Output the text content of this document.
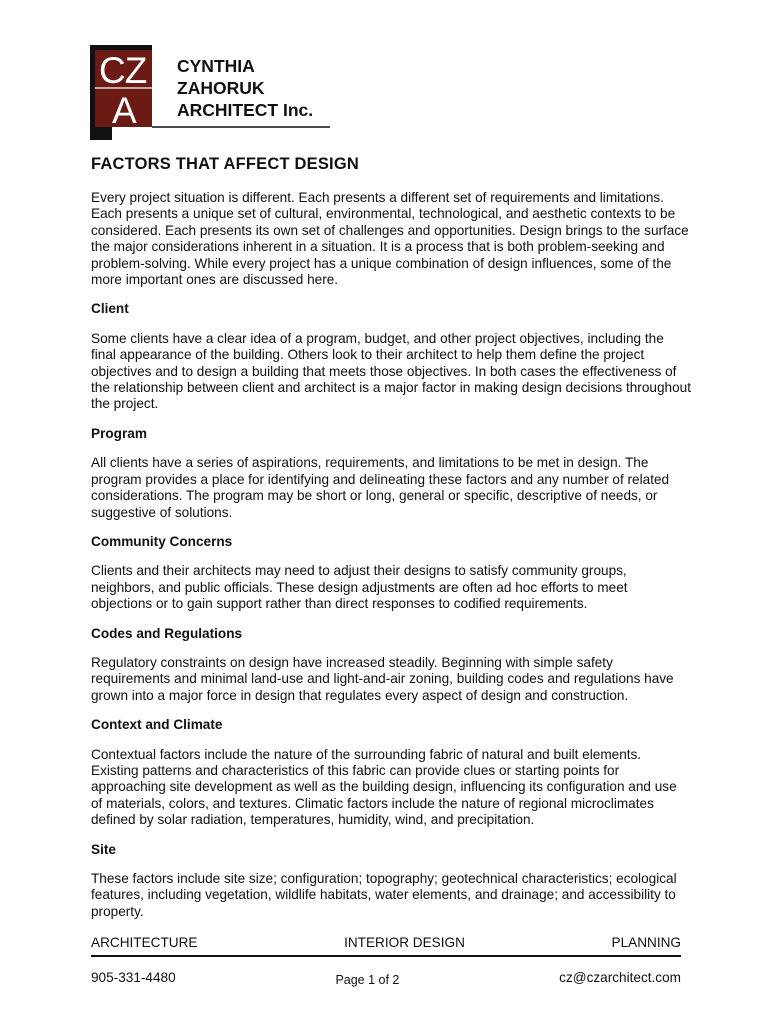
CZ
A
CYNTHIA
ZAHORUK
ARCHITECT Inc.
FACTORS THAT AFFECT DESIGN

Every project situation is different. Each presents a different set of requirements and limitations. Each presents a unique set of cultural, environmental, technological, and aesthetic contexts to be considered. Each presents its own set of challenges and opportunities. Design brings to the surface the major considerations inherent in a situation. It is a process that is both problem-seeking and problem-solving. While every project has a unique combination of design influences, some of the more important ones are discussed here.

Client

Some clients have a clear idea of a program, budget, and other project objectives, including the final appearance of the building. Others look to their architect to help them define the project objectives and to design a building that meets those objectives. In both cases the effectiveness of the relationship between client and architect is a major factor in making design decisions throughout the project.

Program

All clients have a series of aspirations, requirements, and limitations to be met in design. The program provides a place for identifying and delineating these factors and any number of related considerations. The program may be short or long, general or specific, descriptive of needs, or suggestive of solutions.

Community Concerns

Clients and their architects may need to adjust their designs to satisfy community groups, neighbors, and public officials. These design adjustments are often ad hoc efforts to meet objections or to gain support rather than direct responses to codified requirements.

Codes and Regulations

Regulatory constraints on design have increased steadily. Beginning with simple safety requirements and minimal land-use and light-and-air zoning, building codes and regulations have grown into a major force in design that regulates every aspect of design and construction.

Context and Climate

Contextual factors include the nature of the surrounding fabric of natural and built elements. Existing patterns and characteristics of this fabric can provide clues or starting points for approaching site development as well as the building design, influencing its configuration and use of materials, colors, and textures. Climatic factors include the nature of regional microclimates defined by solar radiation, temperatures, humidity, wind, and precipitation.

Site

These factors include site size; configuration; topography; geotechnical characteristics; ecological features, including vegetation, wildlife habitats, water elements, and drainage; and accessibility to property.

ARCHITECTURE	INTERIOR DESIGN	PLANNING
905-331-4480	Page 1 of 2	cz@czarchitect.com
